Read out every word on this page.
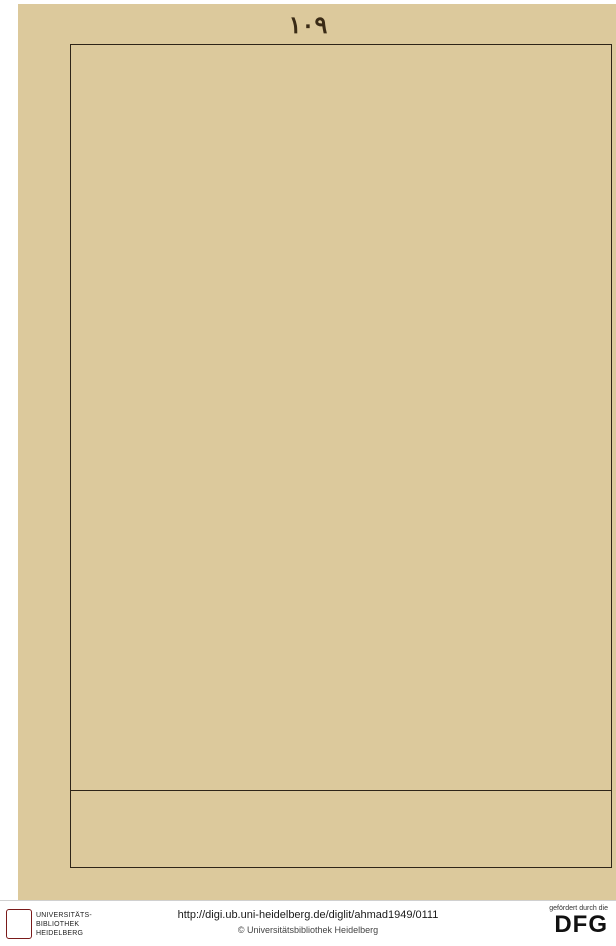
١٠٩
UNIVERSITÄTS-
BIBLIOTHEK
HEIDELBERG
http://digi.ub.uni-heidelberg.de/diglit/ahmad1949/0111
© Universitätsbibliothek Heidelberg
gefördert durch die
DFG
